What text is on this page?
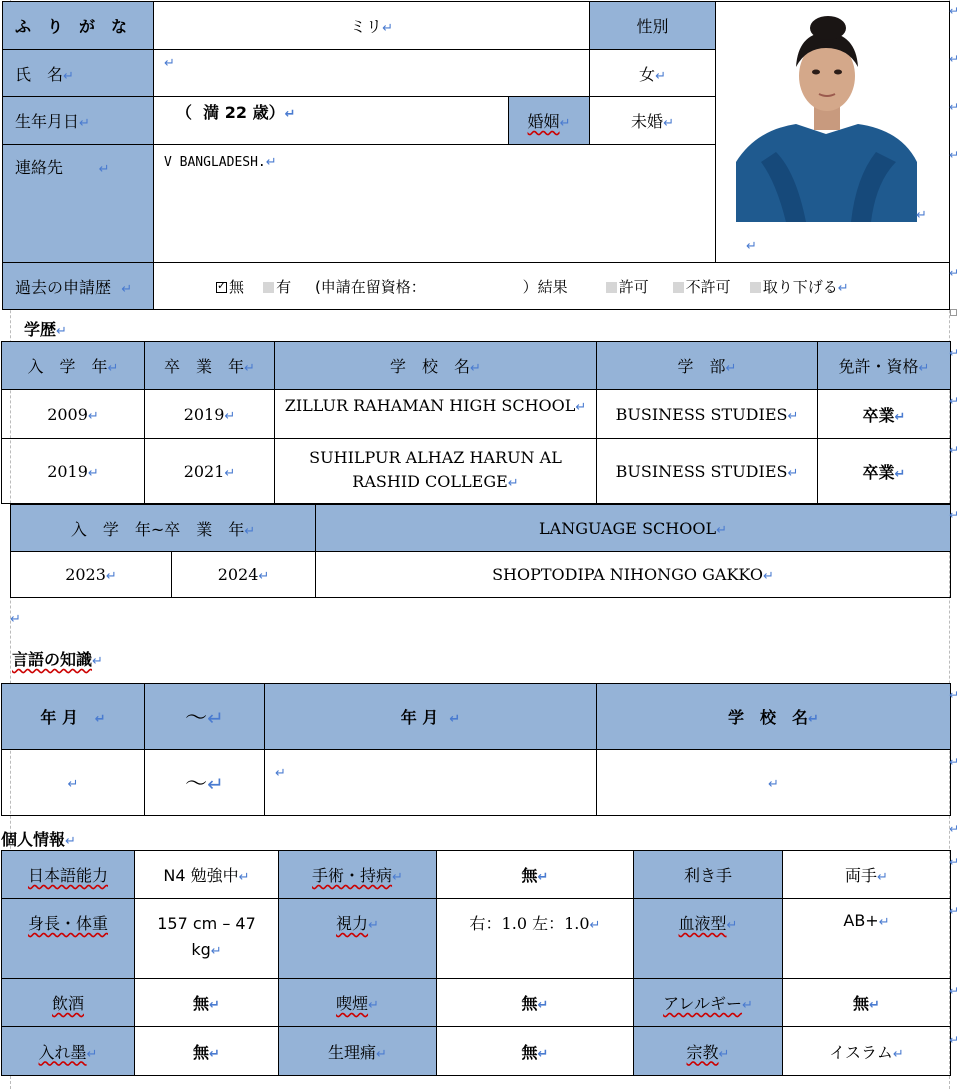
ふ　り　が　な	ミリ↵		性別	↵

氏　名↵	↵		女↵	
生年月日↵	（ 満 22 歳）↵	婚姻↵	未婚↵	
連絡先 ↵	V BANGLADESH.↵			
過去の申請歴 ↵	✓無 有 (申請在留資格： ）結果 許可 不許可 取り下げる↵
↵
学歴↵
入　学　年↵	卒　業　年↵	学　校　名↵	学　部↵	免許・資格↵
2009↵	2019↵	ZILLUR RAHAMAN HIGH SCHOOL↵	BUSINESS STUDIES↵	卒業↵
2019↵	2021↵	SUHILPUR ALHAZ HARUN AL RASHID COLLEGE↵	BUSINESS STUDIES↵	卒業↵
入　学　年~卒　業　年↵		LANGUAGE SCHOOL↵
2023↵	2024↵	SHOPTODIPA NIHONGO GAKKO↵
↵
言語の知識↵
年 月 ↵	～↵	年 月 ↵	学　校　名↵
↵	～↵	↵	↵
個人情報↵
日本語能力	N4 勉強中↵	手術・持病↵	無↵	利き手	両手↵
身長・体重	157 cm – 47 kg↵	視力↵	右：1.0 左：1.0↵	血液型↵	AB+↵
飲酒	無↵	喫煙↵	無↵	アレルギー↵	無↵
入れ墨↵	無↵	生理痛↵	無↵	宗教↵	イスラム↵
↵
↵
↵
↵
↵
↵
↵
↵
↵
↵
↵
↵
↵
↵
↵
↵
